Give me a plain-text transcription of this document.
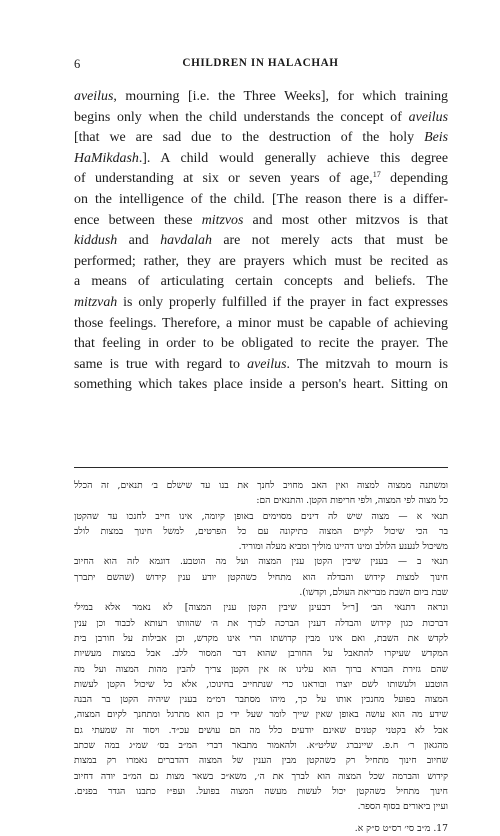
6	CHILDREN IN HALACHAH
aveilus, mourning [i.e. the Three Weeks], for which training
begins only when the child understands the concept of aveilus
[that we are sad due to the destruction of the holy Beis
HaMikdash.]. A child would generally achieve this degree
of understanding at six or seven years of age,$^{17}$ depending
on the intelligence of the child. [The reason there is a differ-
ence between these mitzvos and most other mitzvos is that
kiddush and havdalah are not merely acts that must be
performed; rather, they are prayers which must be recited as
a means of articulating certain concepts and beliefs. The
mitzvah is only properly fulfilled if the prayer in fact expresses
those feelings. Therefore, a minor must be capable of achieving
that feeling in order to be obligated to recite the prayer. The
same is true with regard to aveilus. The mitzvah to mourn is
something which takes place inside a person's heart. Sitting on
ומשתנה ממצוה למצוה ואין האב מחויב לחנך את בנו עד שישלם ב׳ תנאים, זה הכלל
כל מצוה לפי המצוה, ולפי חריפות הקטן. והתנאים הם:
תנאי א — מצוה שיש לה דינים מסוימים באופן קיומה, אינו חייב לחנכו עד שהקטן
בר הכי שיכול לקיים המצוה כתיקונה עם כל הפרטים, למשל חינוך במצות לולב
משיכול לנענע הלולב ומינו דהיינו מוליך ומביא מעלה ומוריד.
תנאי ב — בענין שיבין הקטן ענין המצוה ועל מה הוטבע. דוגמא לזה הוא החיוב
חינוך למצות קידוש והבדלה הוא מתחיל כשהקטן יודע ענין קידוש (שהשם יתברך
שבת ביום השבת מבריאת העולם, וקדשו).
ונראה דתנאי הב׳ [ר״ל דבעינן שיבין הקטן ענין המצוה] לא נאמר אלא במילי
דברכות כגון קידוש והבדלה דענין הברכה לברך את ה׳ שהוותו רעותא לכבוד וכן ענין
לקדש את השבת, ואם אינו מבין קדושתו הרי אינו מקדש, וכן אבילות על חורבן בית
המקדש שעיקרו להתאבל על החורבן שהוא דבר המסור ללב. אבל במצות מעשיות
שהם גזירת הבורא ברוך הוא עלינו אז אין הקטן צריך להבין מהות המצוה ועל מה
הוטבע ולעשותו לשם יוצרו ובוראנו כדי שנתחייב בחינוכו, אלא כל שיכול הקטן לעשות
המצוה בפועל מחנכין אותו על כך, מיהו מסתבר דמ״מ בענין שיהיה הקטן בר הבנה
שידע מה הוא עושה באופן שאין שייך לומר שעל ידי כן הוא מתרגל ומתחנך לקיום המצוה,
אבל לא בקטני קטנים שאינם יודעים כלל מה הם עושים עכ״ד. ויסוד זה שמעתי גם
מהגאון ר׳ ח.פ. שיינברג שליט״א. ולהאמור מתבאר דברי המ״ב בס׳ שמ״ג במה שכתב
שחיוב חינוך מתחיל רק כשהקטן מבין הענין של המצוה דהדברים נאמרו רק במצות
קידוש והברמה שכל המצוה הוא לברך את ה׳, משא״כ בשאר מצות גם המ״ב יודה דחיוב
חינוך מתחיל כשהקטן יכול לעשות מעשה המצוה בפועל. ועפ״ז כתבנו הגדר בפנים.
ועיין ביאורים בסוף הספר.
17. מ״ב סי׳ רס״ט ס״ק א.
